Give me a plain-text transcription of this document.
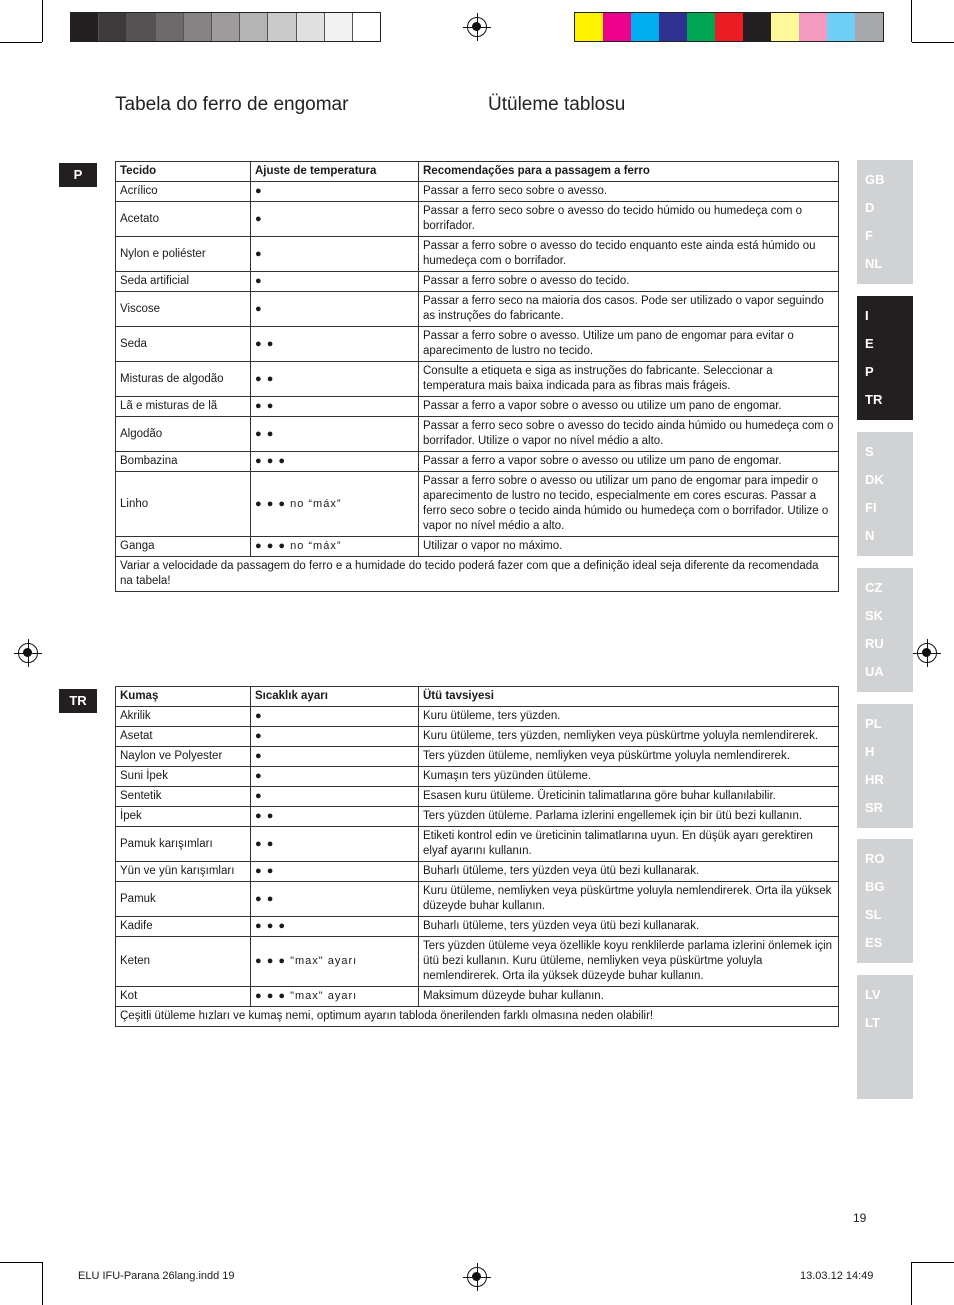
Tabela do ferro de engomar	Ütüleme tablosu
P	Tecido	Ajuste de temperatura	Recomendações para a passagem a ferro
Acrílico	●	Passar a ferro seco sobre o avesso.
Acetato	●	Passar a ferro seco sobre o avesso do tecido húmido ou humedeça com o borrifador.
Nylon e poliéster	●	Passar a ferro sobre o avesso do tecido enquanto este ainda está húmido ou humedeça com o borrifador.
Seda artificial	●	Passar a ferro sobre o avesso do tecido.
Viscose	●	Passar a ferro seco na maioria dos casos. Pode ser utilizado o vapor seguindo as instruções do fabricante.
Seda	● ●	Passar a ferro sobre o avesso. Utilize um pano de engomar para evitar o aparecimento de lustro no tecido.
Misturas de algodão	● ●	Consulte a etiqueta e siga as instruções do fabricante. Seleccionar a temperatura mais baixa indicada para as fibras mais frágeis.
Lã e misturas de lã	● ●	Passar a ferro a vapor sobre o avesso ou utilize um pano de engomar.
Algodão	● ●	Passar a ferro seco sobre o avesso do tecido ainda húmido ou humedeça com o borrifador. Utilize o vapor no nível médio a alto.
Bombazina	● ● ●	Passar a ferro a vapor sobre o avesso ou utilize um pano de engomar.
Linho	● ● ● no “máx”	Passar a ferro sobre o avesso ou utilizar um pano de engomar para impedir o aparecimento de lustro no tecido, especialmente em cores escuras. Passar a ferro seco sobre o tecido ainda húmido ou humedeça com o borrifador. Utilize o vapor no nível médio a alto.
Ganga	● ● ● no “máx”	Utilizar o vapor no máximo.
Variar a velocidade da passagem do ferro e a humidade do tecido poderá fazer com que a definição ideal seja diferente da recomendada na tabela!		
TR	Kumaş	Sıcaklık ayarı	Ütü tavsiyesi
Akrilik	●	Kuru ütüleme, ters yüzden.
Asetat	●	Kuru ütüleme, ters yüzden, nemliyken veya püskürtme yoluyla nemlendirerek.
Naylon ve Polyester	●	Ters yüzden ütüleme, nemliyken veya püskürtme yoluyla nemlendirerek.
Suni İpek	●	Kumaşın ters yüzünden ütüleme.
Sentetik	●	Esasen kuru ütüleme. Üreticinin talimatlarına göre buhar kullanılabilir.
İpek	● ●	Ters yüzden ütüleme. Parlama izlerini engellemek için bir ütü bezi kullanın.
Pamuk karışımları	● ●	Etiketi kontrol edin ve üreticinin talimatlarına uyun. En düşük ayarı gerektiren elyaf ayarını kullanın.
Yün ve yün karışımları	● ●	Buharlı ütüleme, ters yüzden veya ütü bezi kullanarak.
Pamuk	● ●	Kuru ütüleme, nemliyken veya püskürtme yoluyla nemlendirerek. Orta ila yüksek düzeyde buhar kullanın.
Kadife	● ● ●	Buharlı ütüleme, ters yüzden veya ütü bezi kullanarak.
Keten	● ● ● "max" ayarı	Ters yüzden ütüleme veya özellikle koyu renklilerde parlama izlerini önlemek için ütü bezi kullanın. Kuru ütüleme, nemliyken veya püskürtme yoluyla nemlendirerek. Orta ila yüksek düzeyde buhar kullanın.
Kot	● ● ● "max" ayarı	Maksimum düzeyde buhar kullanın.
Çeşitli ütüleme hızları ve kumaş nemi, optimum ayarın tabloda önerilenden farklı olmasına neden olabilir!		
GB
D
F
NL
I
E
P
TR
S
DK
FI
N
CZ
SK
RU
UA
PL
H
HR
SR
RO
BG
SL
ES
LV
LT
19
ELU IFU-Parana 26lang.indd 19	13.03.12 14:49
